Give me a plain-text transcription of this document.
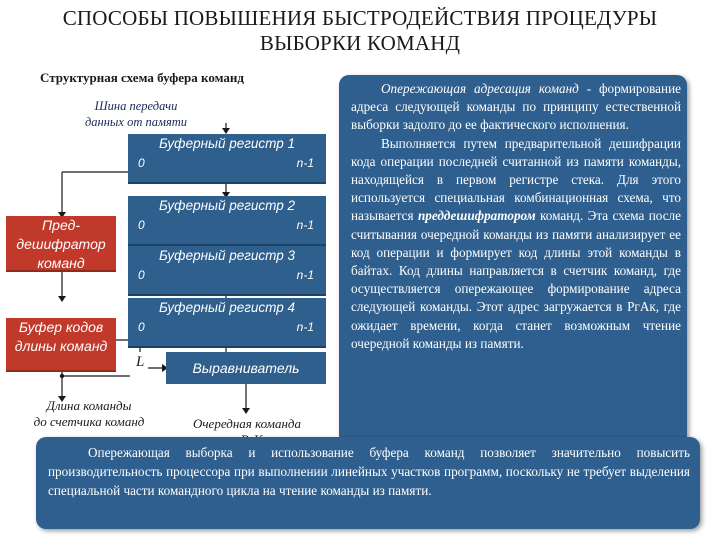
СПОСОБЫ ПОВЫШЕНИЯ БЫСТРОДЕЙСТВИЯ ПРОЦЕДУРЫ
ВЫБОРКИ КОМАНД
Структурная схема буфера команд
Шина передачи
данных от памяти
Буферный регистр 1
0	n-1
Буферный регистр 2
0	n-1
Буферный регистр 3
0	n-1
Буферный регистр 4
0	n-1
Пред-
дешифратор
команд
Буфер кодов
длины команд
L	Выравниватель
Длина команды
до счетчика команд	Очередная команда
Опережающая адресация команд - формирование адреса следующей команды по принципу естественной выборки задолго до ее фактического исполнения.
Выполняется путем предварительной дешифрации кода операции последней считанной из памяти команды, находящейся в первом регистре стека. Для этого используется специальная комбинационная схема, что называется преддешифратором команд. Эта схема после считывания очередной команды из памяти анализирует ее код операции и формирует код длины этой команды в байтах. Код длины направляется в счетчик команд, где осуществляется опережающее формирование адреса следующей команды. Этот адрес загружается в РгАк, где ожидает времени, когда станет возможным чтение очередной команды из памяти.
Опережающая выборка и использование буфера команд позволяет значительно повысить производительность процессора при выполнении линейных участков программ, поскольку не требует выделения специальной части командного цикла на чтение команды из памяти.
